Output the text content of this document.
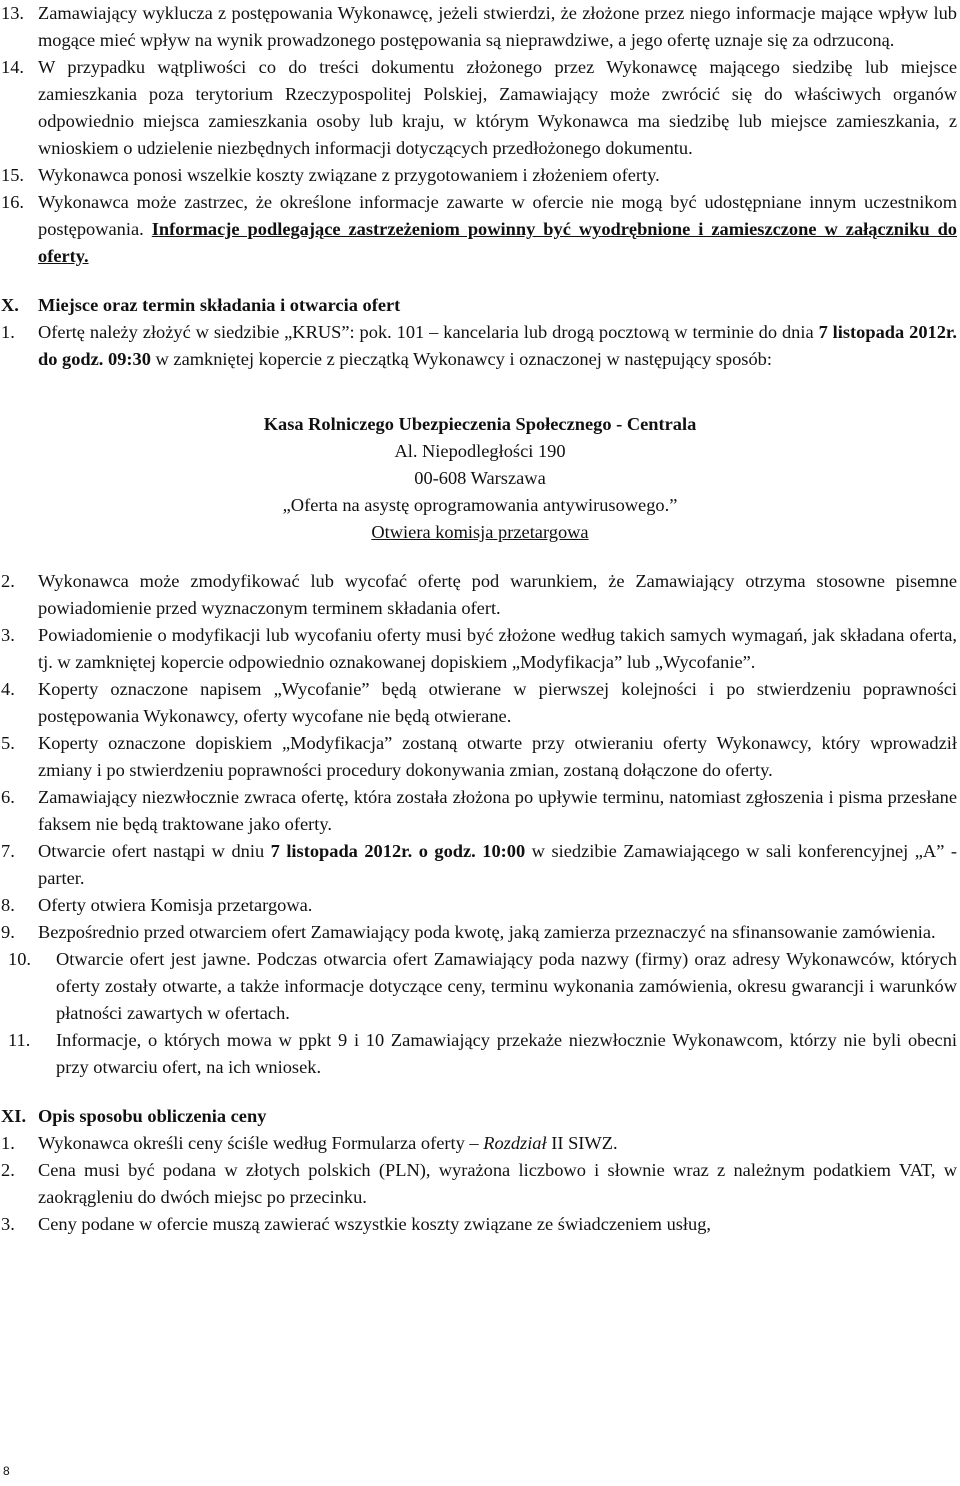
13. Zamawiający wyklucza z postępowania Wykonawcę, jeżeli stwierdzi, że złożone przez niego informacje mające wpływ lub mogące mieć wpływ na wynik prowadzonego postępowania są nieprawdziwe, a jego ofertę uznaje się za odrzuconą.
14. W przypadku wątpliwości co do treści dokumentu złożonego przez Wykonawcę mającego siedzibę lub miejsce zamieszkania poza terytorium Rzeczypospolitej Polskiej, Zamawiający może zwrócić się do właściwych organów odpowiednio miejsca zamieszkania osoby lub kraju, w którym Wykonawca ma siedzibę lub miejsce zamieszkania, z wnioskiem o udzielenie niezbędnych informacji dotyczących przedłożonego dokumentu.
15. Wykonawca ponosi wszelkie koszty związane z przygotowaniem i złożeniem oferty.
16. Wykonawca może zastrzec, że określone informacje zawarte w ofercie nie mogą być udostępniane innym uczestnikom postępowania. Informacje podlegające zastrzeżeniom powinny być wyodrębnione i zamieszczone w załączniku do oferty.
X. Miejsce oraz termin składania i otwarcia ofert
1. Ofertę należy złożyć w siedzibie „KRUS”: pok. 101 – kancelaria lub drogą pocztową w terminie do dnia 7 listopada 2012r. do godz. 09:30 w zamkniętej kopercie z pieczątką Wykonawcy i oznaczonej w następujący sposób:
Kasa Rolniczego Ubezpieczenia Społecznego - Centrala
Al. Niepodległości 190
00-608 Warszawa
„Oferta na asystę oprogramowania antywirusowego.”
Otwiera komisja przetargowa
2. Wykonawca może zmodyfikować lub wycofać ofertę pod warunkiem, że Zamawiający otrzyma stosowne pisemne powiadomienie przed wyznaczonym terminem składania ofert.
3. Powiadomienie o modyfikacji lub wycofaniu oferty musi być złożone według takich samych wymagań, jak składana oferta, tj. w zamkniętej kopercie odpowiednio oznakowanej dopiskiem „Modyfikacja” lub „Wycofanie”.
4. Koperty oznaczone napisem „Wycofanie” będą otwierane w pierwszej kolejności i po stwierdzeniu poprawności postępowania Wykonawcy, oferty wycofane nie będą otwierane.
5. Koperty oznaczone dopiskiem „Modyfikacja” zostaną otwarte przy otwieraniu oferty Wykonawcy, który wprowadził zmiany i po stwierdzeniu poprawności procedury dokonywania zmian, zostaną dołączone do oferty.
6. Zamawiający niezwłocznie zwraca ofertę, która została złożona po upływie terminu, natomiast zgłoszenia i pisma przesłane faksem nie będą traktowane jako oferty.
7. Otwarcie ofert nastąpi w dniu 7 listopada 2012r. o godz. 10:00 w siedzibie Zamawiającego w sali konferencyjnej „A” - parter.
8. Oferty otwiera Komisja przetargowa.
9. Bezpośrednio przed otwarciem ofert Zamawiający poda kwotę, jaką zamierza przeznaczyć na sfinansowanie zamówienia.
10. Otwarcie ofert jest jawne. Podczas otwarcia ofert Zamawiający poda nazwy (firmy) oraz adresy Wykonawców, których oferty zostały otwarte, a także informacje dotyczące ceny, terminu wykonania zamówienia, okresu gwarancji i warunków płatności zawartych w ofertach.
11. Informacje, o których mowa w ppkt 9 i 10 Zamawiający przekaże niezwłocznie Wykonawcom, którzy nie byli obecni przy otwarciu ofert, na ich wniosek.
XI. Opis sposobu obliczenia ceny
1. Wykonawca określi ceny ściśle według Formularza oferty – Rozdział II SIWZ.
2. Cena musi być podana w złotych polskich (PLN), wyrażona liczbowo i słownie wraz z należnym podatkiem VAT, w zaokrągleniu do dwóch miejsc po przecinku.
3. Ceny podane w ofercie muszą zawierać wszystkie koszty związane ze świadczeniem usług,
8
